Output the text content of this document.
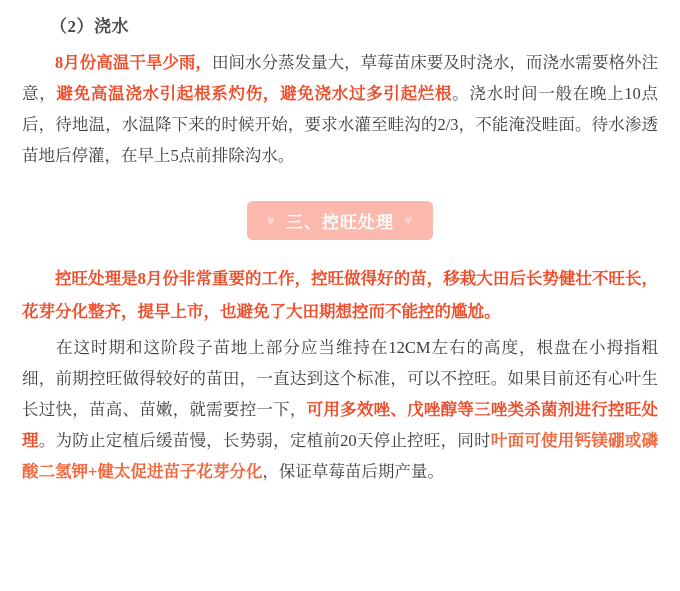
（2）浇水

8月份高温干旱少雨，田间水分蒸发量大，草莓苗床要及时浇水，而浇水需要格外注意，避免高温浇水引起根系灼伤，避免浇水过多引起烂根。浇水时间一般在晚上10点后，待地温，水温降下来的时候开始，要求水灌至畦沟的2/3，不能淹没畦面。待水渗透苗地后停灌，在早上5点前排除沟水。

♥ 三、控旺处理 ♥

控旺处理是8月份非常重要的工作，控旺做得好的苗，移栽大田后长势健壮不旺长，花芽分化整齐，提早上市，也避免了大田期想控而不能控的尴尬。

在这时期和这阶段子苗地上部分应当维持在12CM左右的高度，根盘在小拇指粗细，前期控旺做得较好的苗田，一直达到这个标准，可以不控旺。如果目前还有心叶生长过快，苗高、苗嫩，就需要控一下，可用多效唑、戊唑醇等三唑类杀菌剂进行控旺处理。为防止定植后缓苗慢，长势弱，定植前20天停止控旺，同时叶面可使用钙镁硼或磷酸二氢钾+健太促进苗子花芽分化，保证草莓苗后期产量。
